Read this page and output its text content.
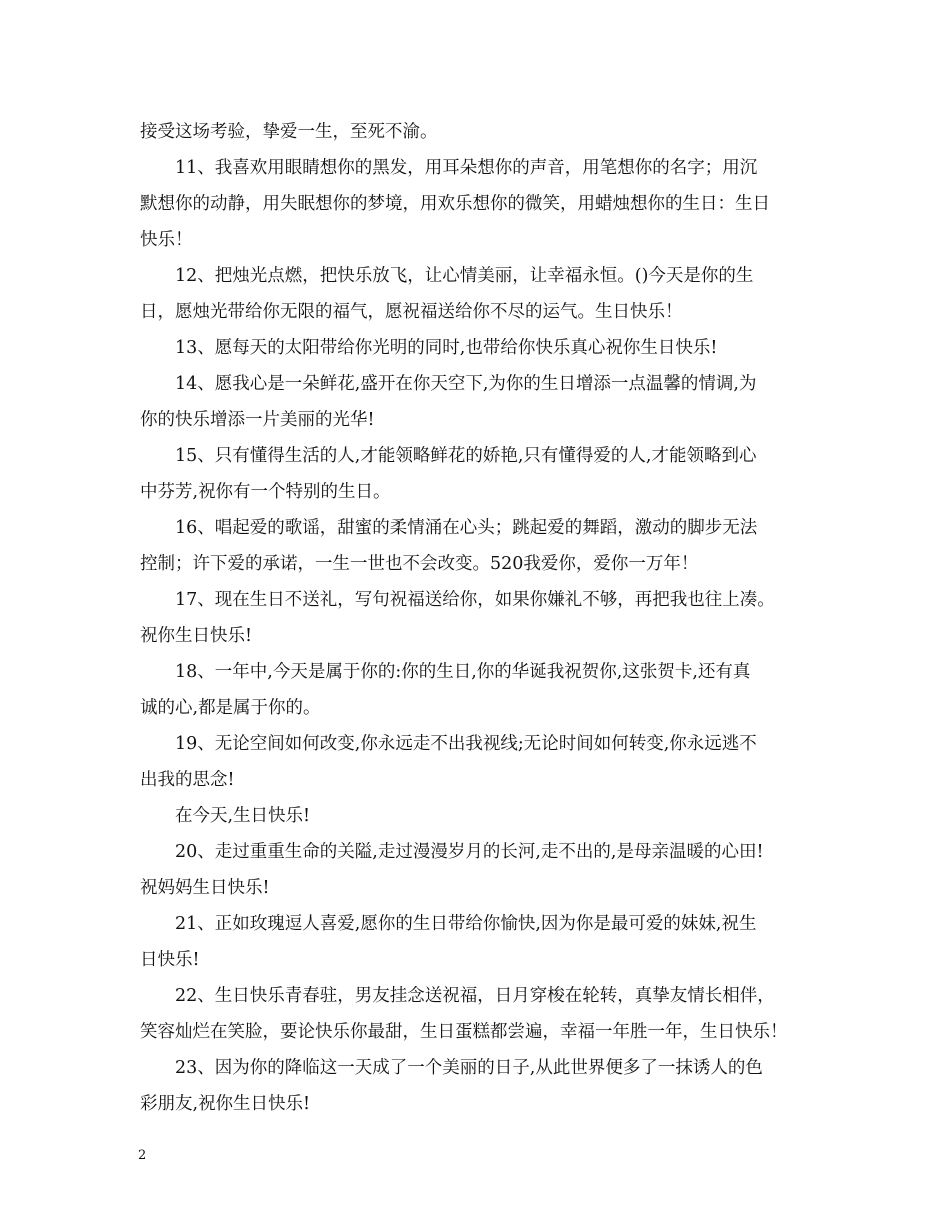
接受这场考验，挚爱一生，至死不渝。
11、我喜欢用眼睛想你的黑发，用耳朵想你的声音，用笔想你的名字；用沉
默想你的动静，用失眠想你的梦境，用欢乐想你的微笑，用蜡烛想你的生日：生日
快乐！
12、把烛光点燃，把快乐放飞，让心情美丽，让幸福永恒。()今天是你的生
日，愿烛光带给你无限的福气，愿祝福送给你不尽的运气。生日快乐！
13、愿每天的太阳带给你光明的同时,也带给你快乐真心祝你生日快乐!
14、愿我心是一朵鲜花,盛开在你天空下,为你的生日增添一点温馨的情调,为
你的快乐增添一片美丽的光华!
15、只有懂得生活的人,才能领略鲜花的娇艳,只有懂得爱的人,才能领略到心
中芬芳,祝你有一个特别的生日。
16、唱起爱的歌谣，甜蜜的柔情涌在心头；跳起爱的舞蹈，激动的脚步无法
控制；许下爱的承诺，一生一世也不会改变。520我爱你，爱你一万年！
17、现在生日不送礼，写句祝福送给你，如果你嫌礼不够，再把我也往上凑。
祝你生日快乐!
18、一年中,今天是属于你的:你的生日,你的华诞我祝贺你,这张贺卡,还有真
诚的心,都是属于你的。
19、无论空间如何改变,你永远走不出我视线;无论时间如何转变,你永远逃不
出我的思念!
在今天,生日快乐!
20、走过重重生命的关隘,走过漫漫岁月的长河,走不出的,是母亲温暖的心田!
祝妈妈生日快乐!
21、正如玫瑰逗人喜爱,愿你的生日带给你愉快,因为你是最可爱的妹妹,祝生
日快乐!
22、生日快乐青春驻，男友挂念送祝福，日月穿梭在轮转，真挚友情长相伴，
笑容灿烂在笑脸，要论快乐你最甜，生日蛋糕都尝遍，幸福一年胜一年，生日快乐！
23、因为你的降临这一天成了一个美丽的日子,从此世界便多了一抹诱人的色
彩朋友,祝你生日快乐!
2
